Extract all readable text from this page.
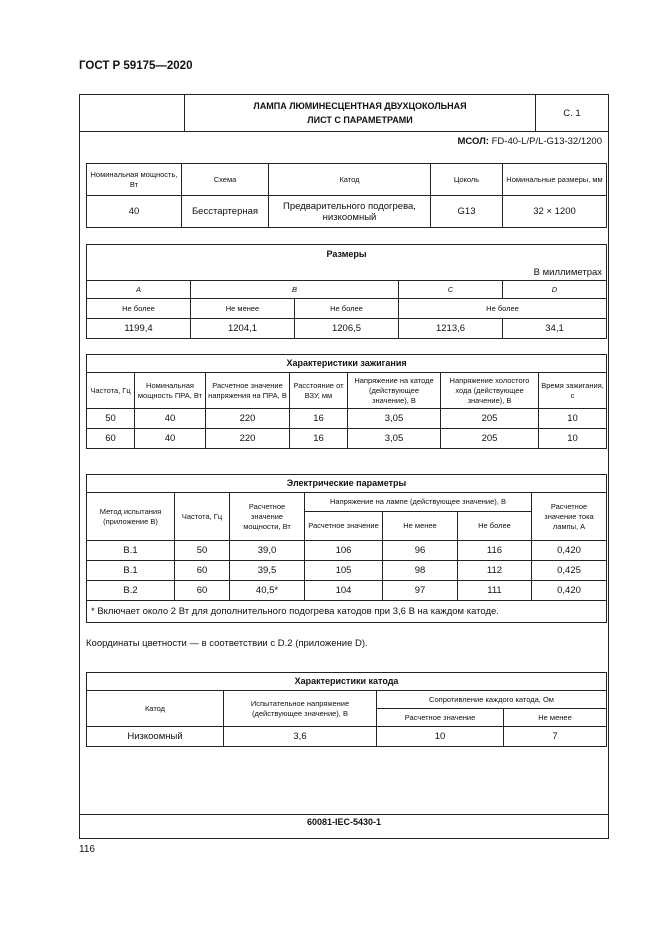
ГОСТ Р 59175—2020
ЛАМПА ЛЮМИНЕСЦЕНТНАЯ ДВУХЦОКОЛЬНАЯ
ЛИСТ С ПАРАМЕТРАМИ
С. 1
МСОЛ: FD-40-L/P/L-G13-32/1200
Номинальная мощность, Вт	Схема	Катод	Цоколь	Номинальные размеры, мм
40	Бесстартерная	Предварительного подогрева, низкоомный	G13	32 × 1200
Размеры				
В миллиметрах				
A	B		C	D
Не более	Не менее	Не более	Не более	
1199,4	1204,1	1206,5	1213,6	34,1
Характеристики зажигания						
Частота, Гц	Номинальная мощность ПРА, Вт	Расчетное значение напряжения на ПРА, В	Расстояние от ВЗУ, мм	Напряжение на катоде (действующее значение), В	Напряжение холостого хода (действующее значение), В	Время зажигания, с
50	40	220	16	3,05	205	10
60	40	220	16	3,05	205	10
Электрические параметры						
Метод испытания (приложение B)	Частота, Гц	Расчетное значение мощности, Вт	Напряжение на лампе (действующее значение), В			Расчетное значение тока лампы, А
			Расчетное значение	Не менее	Не более	
B.1	50	39,0	106	96	116	0,420
B.1	60	39,5	105	98	112	0,425
B.2	60	40,5*	104	97	111	0,420
* Включает около 2 Вт для дополнительного подогрева катодов при 3,6 В на каждом катоде.						
Характеристики катода			
Катод	Испытательное напряжение (действующее значение), В	Сопротивление каждого катода, Ом	
		Расчетное значение	Не менее
Низкоомный	3,6	10	7
60081-IEC-5430-1
Координаты цветности — в соответствии с D.2 (приложение D).
116
